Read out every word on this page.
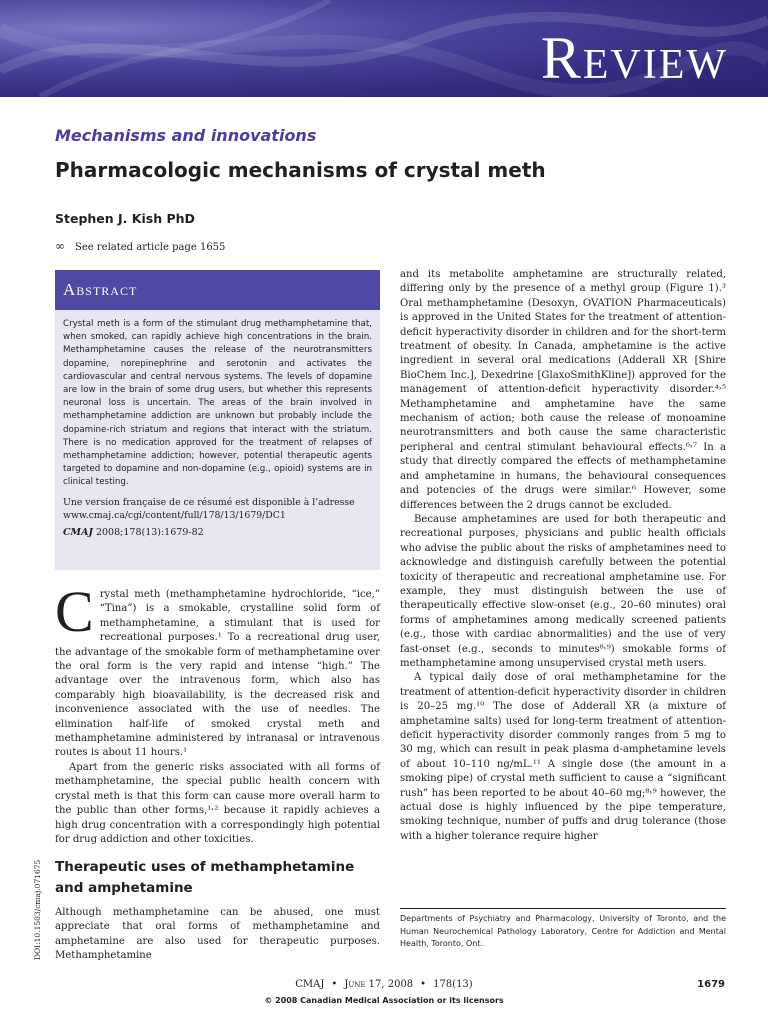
Review
Mechanisms and innovations
Pharmacologic mechanisms of crystal meth
Stephen J. Kish PhD
∞ See related article page 1655
Abstract
Crystal meth is a form of the stimulant drug methamphetamine that, when smoked, can rapidly achieve high concentrations in the brain. Methamphetamine causes the release of the neurotransmitters dopamine, norepinephrine and serotonin and activates the cardiovascular and central nervous systems. The levels of dopamine are low in the brain of some drug users, but whether this represents neuronal loss is uncertain. The areas of the brain involved in methamphetamine addiction are unknown but probably include the dopamine-rich striatum and regions that interact with the striatum. There is no medication approved for the treatment of relapses of methamphetamine addiction; however, potential therapeutic agents targeted to dopamine and non-dopamine (e.g., opioid) systems are in clinical testing.
Une version française de ce résumé est disponible à l’adresse www.cmaj.ca/cgi/content/full/178/13/1679/DC1
CMAJ 2008;178(13):1679-82

Crystal meth (methamphetamine hydrochloride, “ice,” “Tina”) is a smokable, crystalline solid form of methamphetamine, a stimulant that is used for recreational purposes.¹ To a recreational drug user, the advantage of the smokable form of methamphetamine over the oral form is the very rapid and intense “high.” The advantage over the intravenous form, which also has comparably high bioavailability, is the decreased risk and inconvenience associated with the use of needles. The elimination half-life of smoked crystal meth and methamphetamine administered by intranasal or intravenous routes is about 11 hours.¹

Apart from the generic risks associated with all forms of methamphetamine, the special public health concern with crystal meth is that this form can cause more overall harm to the public than other forms,¹˒² because it rapidly achieves a high drug concentration with a correspondingly high potential for drug addiction and other toxicities.

Therapeutic uses of methamphetamine and amphetamine

Although methamphetamine can be abused, one must appreciate that oral forms of methamphetamine and amphetamine are also used for therapeutic purposes. Methamphetamine

DOI:10.1503/cmaj.071675

and its metabolite amphetamine are structurally related, differing only by the presence of a methyl group (Figure 1).³ Oral methamphetamine (Desoxyn, OVATION Pharmaceuticals) is approved in the United States for the treatment of attention-deficit hyperactivity disorder in children and for the short-term treatment of obesity. In Canada, amphetamine is the active ingredient in several oral medications (Adderall XR [Shire BioChem Inc.], Dexedrine [GlaxoSmithKline]) approved for the management of attention-deficit hyperactivity disorder.⁴˒⁵ Methamphetamine and amphetamine have the same mechanism of action; both cause the release of monoamine neurotransmitters and both cause the same characteristic peripheral and central stimulant behavioural effects.⁶˒⁷ In a study that directly compared the effects of methamphetamine and amphetamine in humans, the behavioural consequences and potencies of the drugs were similar.⁶ However, some differences between the 2 drugs cannot be excluded.

Because amphetamines are used for both therapeutic and recreational purposes, physicians and public health officials who advise the public about the risks of amphetamines need to acknowledge and distinguish carefully between the potential toxicity of therapeutic and recreational amphetamine use. For example, they must distinguish between the use of therapeutically effective slow-onset (e.g., 20–60 minutes) oral forms of amphetamines among medically screened patients (e.g., those with cardiac abnormalities) and the use of very fast-onset (e.g., seconds to minutes⁸˒⁹) smokable forms of methamphetamine among unsupervised crystal meth users.

A typical daily dose of oral methamphetamine for the treatment of attention-deficit hyperactivity disorder in children is 20–25 mg.¹⁰ The dose of Adderall XR (a mixture of amphetamine salts) used for long-term treatment of attention-deficit hyperactivity disorder commonly ranges from 5 mg to 30 mg, which can result in peak plasma d-amphetamine levels of about 10–110 ng/mL.¹¹ A single dose (the amount in a smoking pipe) of crystal meth sufficient to cause a “significant rush” has been reported to be about 40–60 mg;⁸˒⁹ however, the actual dose is highly influenced by the pipe temperature, smoking technique, number of puffs and drug tolerance (those with a higher tolerance require higher

Departments of Psychiatry and Pharmacology, University of Toronto, and the Human Neurochemical Pathology Laboratory, Centre for Addiction and Mental Health, Toronto, Ont.
CMAJ • June 17, 2008 • 178(13)	1679
© 2008 Canadian Medical Association or its licensors
